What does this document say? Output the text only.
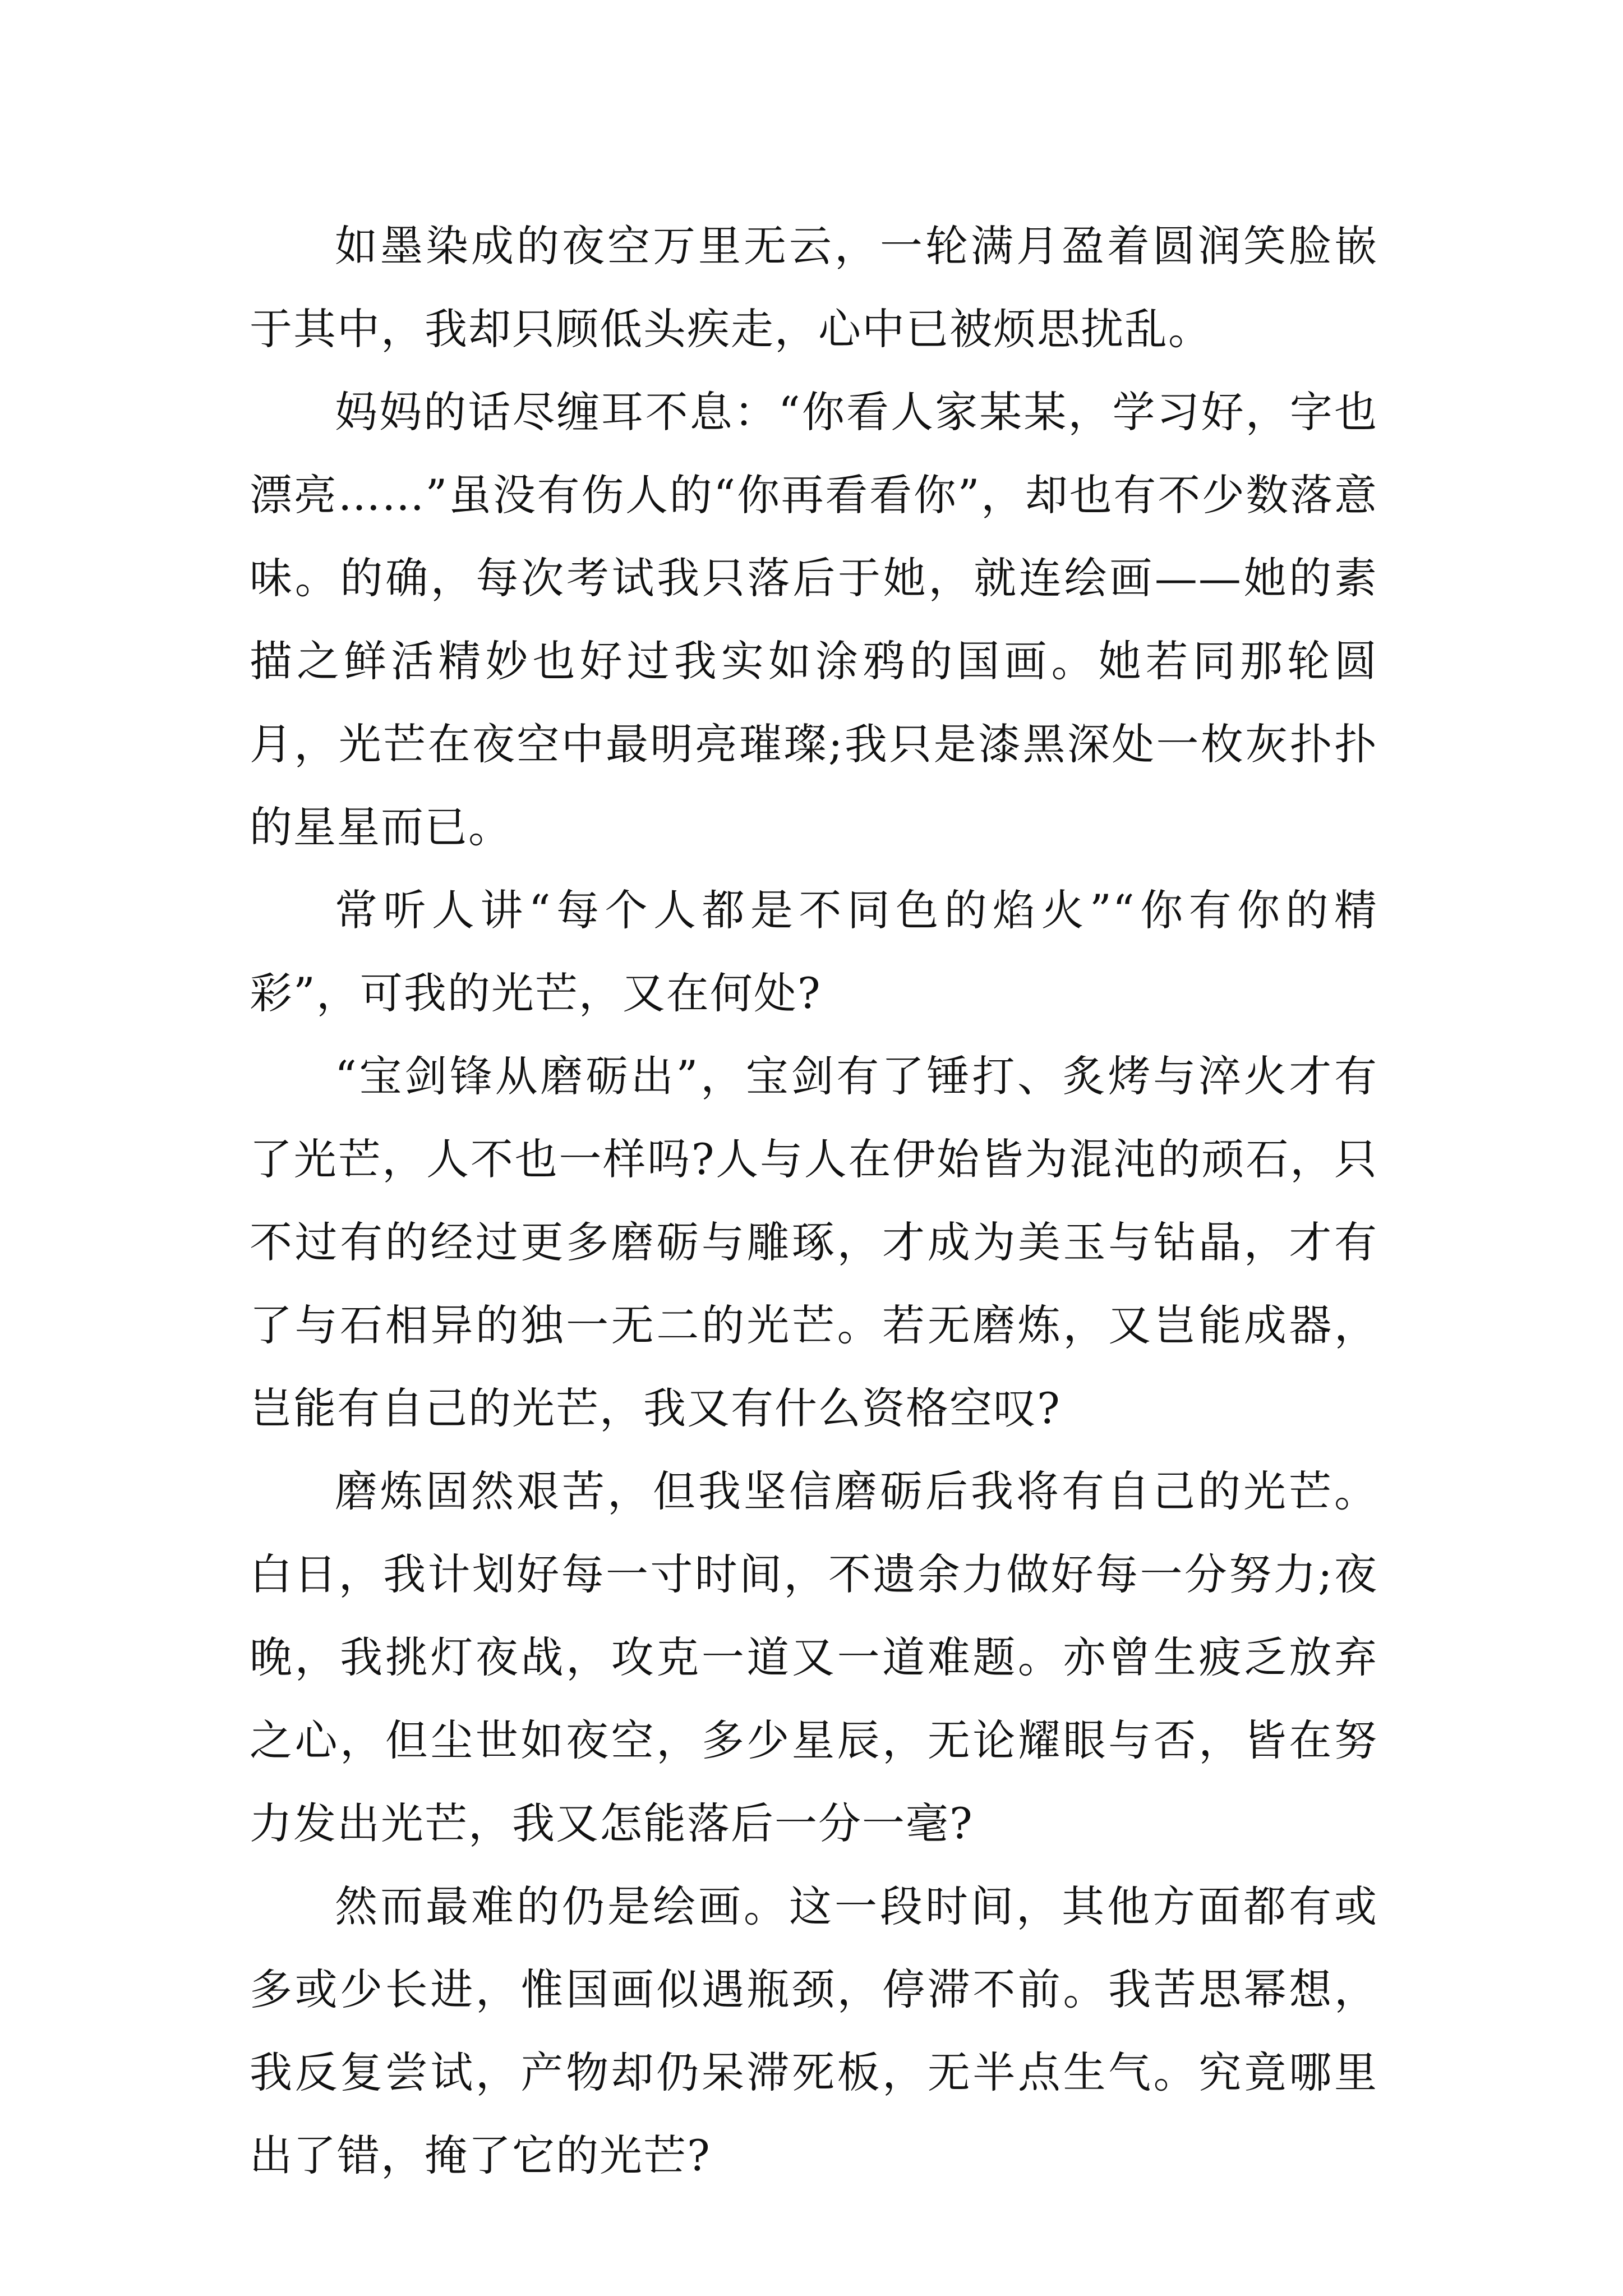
如墨染成的夜空万里无云，一轮满月盈着圆润笑脸嵌于其中，我却只顾低头疾走，心中已被烦思扰乱。

妈妈的话尽缠耳不息：“你看人家某某，学习好，字也漂亮……”虽没有伤人的“你再看看你”，却也有不少数落意味。的确，每次考试我只落后于她，就连绘画——她的素描之鲜活精妙也好过我实如涂鸦的国画。她若同那轮圆月，光芒在夜空中最明亮璀璨;我只是漆黑深处一枚灰扑扑的星星而已。

常听人讲“每个人都是不同色的焰火”“你有你的精彩”，可我的光芒，又在何处?

“宝剑锋从磨砺出”，宝剑有了锤打、炙烤与淬火才有了光芒，人不也一样吗?人与人在伊始皆为混沌的顽石，只不过有的经过更多磨砺与雕琢，才成为美玉与钻晶，才有了与石相异的独一无二的光芒。若无磨炼，又岂能成器，岂能有自己的光芒，我又有什么资格空叹?

磨炼固然艰苦，但我坚信磨砺后我将有自己的光芒。白日，我计划好每一寸时间，不遗余力做好每一分努力;夜晚，我挑灯夜战，攻克一道又一道难题。亦曾生疲乏放弃之心，但尘世如夜空，多少星辰，无论耀眼与否，皆在努力发出光芒，我又怎能落后一分一毫?

然而最难的仍是绘画。这一段时间，其他方面都有或多或少长进，惟国画似遇瓶颈，停滞不前。我苦思幂想，我反复尝试，产物却仍呆滞死板，无半点生气。究竟哪里出了错，掩了它的光芒?
